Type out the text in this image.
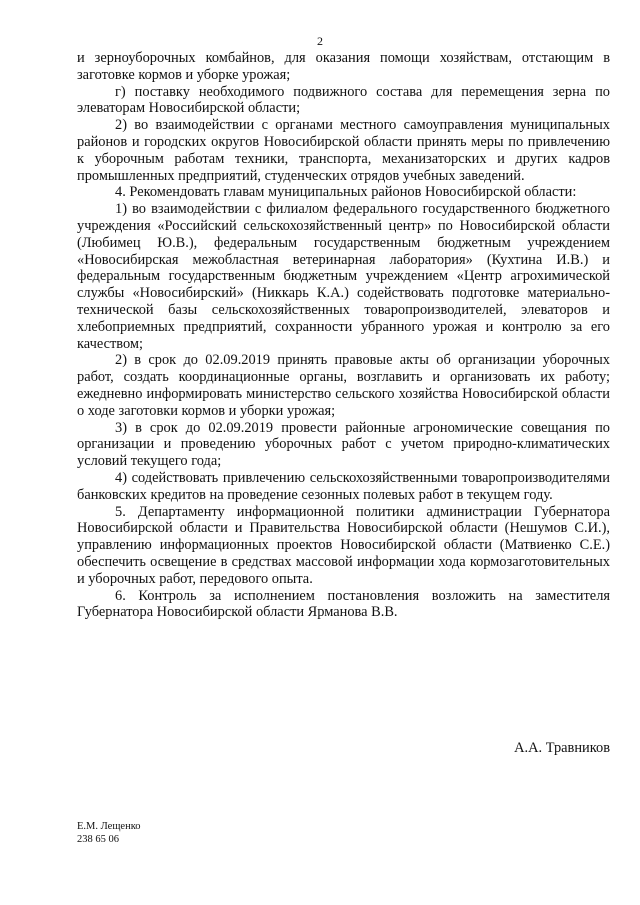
2

и зерноуборочных комбайнов, для оказания помощи хозяйствам, отстающим в заготовке кормов и уборке урожая;

г) поставку необходимого подвижного состава для перемещения зерна по элеваторам Новосибирской области;

2) во взаимодействии с органами местного самоуправления муниципальных районов и городских округов Новосибирской области принять меры по привлечению к уборочным работам техники, транспорта, механизаторских и других кадров промышленных предприятий, студенческих отрядов учебных заведений.

4. Рекомендовать главам муниципальных районов Новосибирской области:

1) во взаимодействии с филиалом федерального государственного бюджетного учреждения «Российский сельскохозяйственный центр» по Новосибирской области (Любимец Ю.В.), федеральным государственным бюджетным учреждением «Новосибирская межобластная ветеринарная лаборатория» (Кухтина И.В.) и федеральным государственным бюджетным учреждением «Центр агрохимической службы «Новосибирский» (Никкарь К.А.) содействовать подготовке материально-технической базы сельскохозяйственных товаропроизводителей, элеваторов и хлебоприемных предприятий, сохранности убранного урожая и контролю за его качеством;

2) в срок до 02.09.2019 принять правовые акты об организации уборочных работ, создать координационные органы, возглавить и организовать их работу; ежедневно информировать министерство сельского хозяйства Новосибирской области о ходе заготовки кормов и уборки урожая;

3) в срок до 02.09.2019 провести районные агрономические совещания по организации и проведению уборочных работ с учетом природно-климатических условий текущего года;

4) содействовать привлечению сельскохозяйственными товаропроизводителями банковских кредитов на проведение сезонных полевых работ в текущем году.

5. Департаменту информационной политики администрации Губернатора Новосибирской области и Правительства Новосибирской области (Нешумов С.И.), управлению информационных проектов Новосибирской области (Матвиенко С.Е.) обеспечить освещение в средствах массовой информации хода кормозаготовительных и уборочных работ, передового опыта.

6. Контроль за исполнением постановления возложить на заместителя Губернатора Новосибирской области Ярманова В.В.

А.А. Травников
Е.М. Лещенко
238 65 06
